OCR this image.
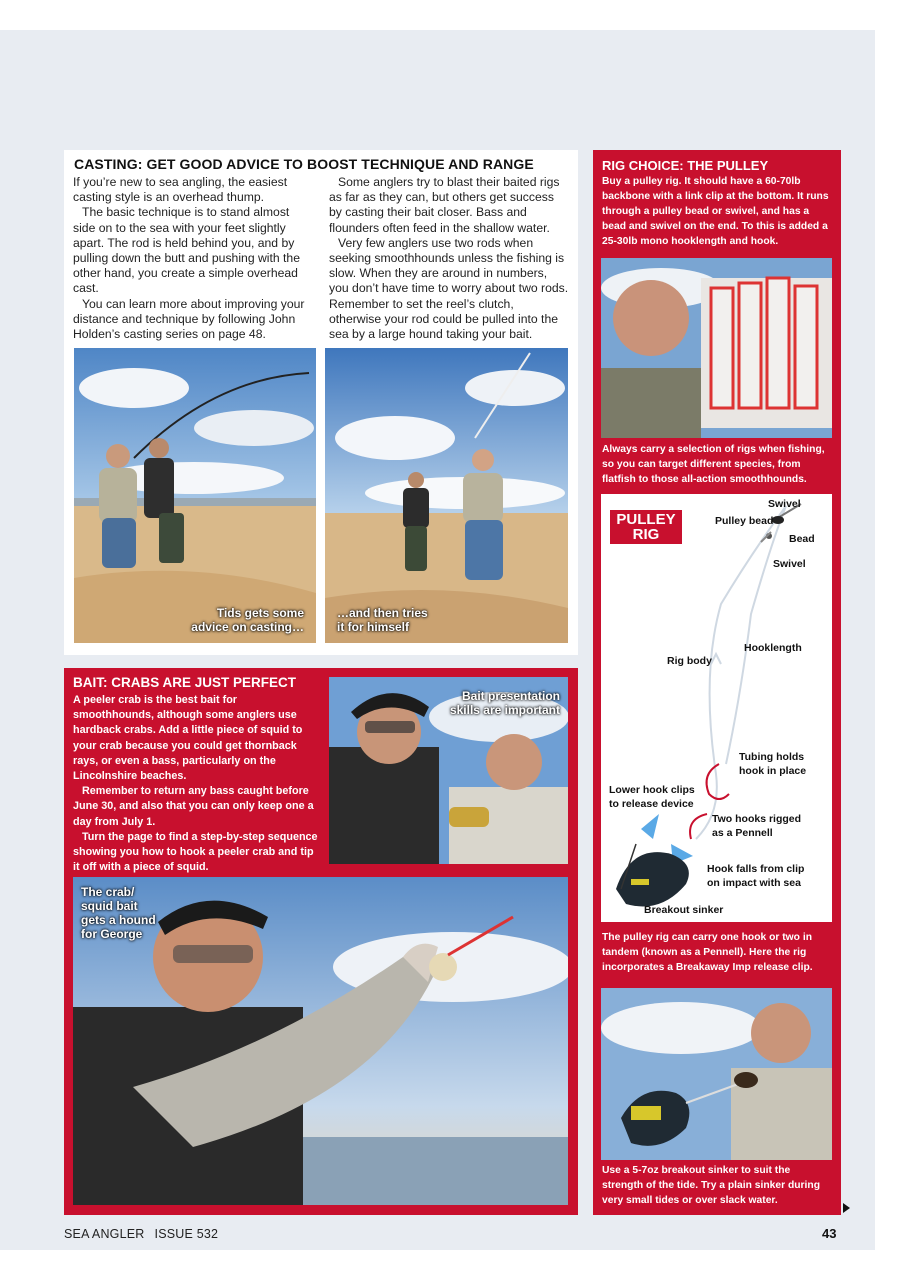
CASTING: GET GOOD ADVICE TO BOOST TECHNIQUE AND RANGE

If you’re new to sea angling, the easiest casting style is an overhead thump.

The basic technique is to stand almost side on to the sea with your feet slightly apart. The rod is held behind you, and by pulling down the butt and pushing with the other hand, you create a simple overhead cast.

You can learn more about improving your distance and technique by following John Holden’s casting series on page 48.

Some anglers try to blast their baited rigs as far as they can, but others get success by casting their bait closer. Bass and flounders often feed in the shallow water.

Very few anglers use two rods when seeking smoothhounds unless the fishing is slow. When they are around in numbers, you don’t have time to worry about two rods. Remember to set the reel’s clutch, otherwise your rod could be pulled into the sea by a large hound taking your bait.

Tids gets some
advice on casting…
…and then tries
it for himself
BAIT: CRABS ARE JUST PERFECT

A peeler crab is the best bait for smoothhounds, although some anglers use hardback crabs. Add a little piece of squid to your crab because you could get thornback rays, or even a bass, particularly on the Lincolnshire beaches.

Remember to return any bass caught before June 30, and also that you can only keep one a day from July 1.

Turn the page to find a step-by-step sequence showing you how to hook a peeler crab and tip it off with a piece of squid.

Bait presentation
skills are important
The crab/
squid bait
gets a hound
for George
RIG CHOICE: THE PULLEY

Buy a pulley rig. It should have a 60-70lb backbone with a link clip at the bottom. It runs through a pulley bead or swivel, and has a bead and swivel on the end. To this is added a 25-30lb mono hooklength and hook.

Always carry a selection of rigs when fishing, so you can target different species, from flatfish to those all-action smoothhounds.

PULLEY
RIG
Swivel
Pulley bead
Bead
Swivel
Hooklength
Rig body
Tubing holds
hook in place
Lower hook clips
to release device
Two hooks rigged
as a Pennell
Hook falls from clip
on impact with sea
Breakout sinker

The pulley rig can carry one hook or two in tandem (known as a Pennell). Here the rig incorporates a Breakaway Imp release clip.

Use a 5-7oz breakout sinker to suit the strength of the tide. Try a plain sinker during very small tides or over slack water.

SEA ANGLER ISSUE 532	43
